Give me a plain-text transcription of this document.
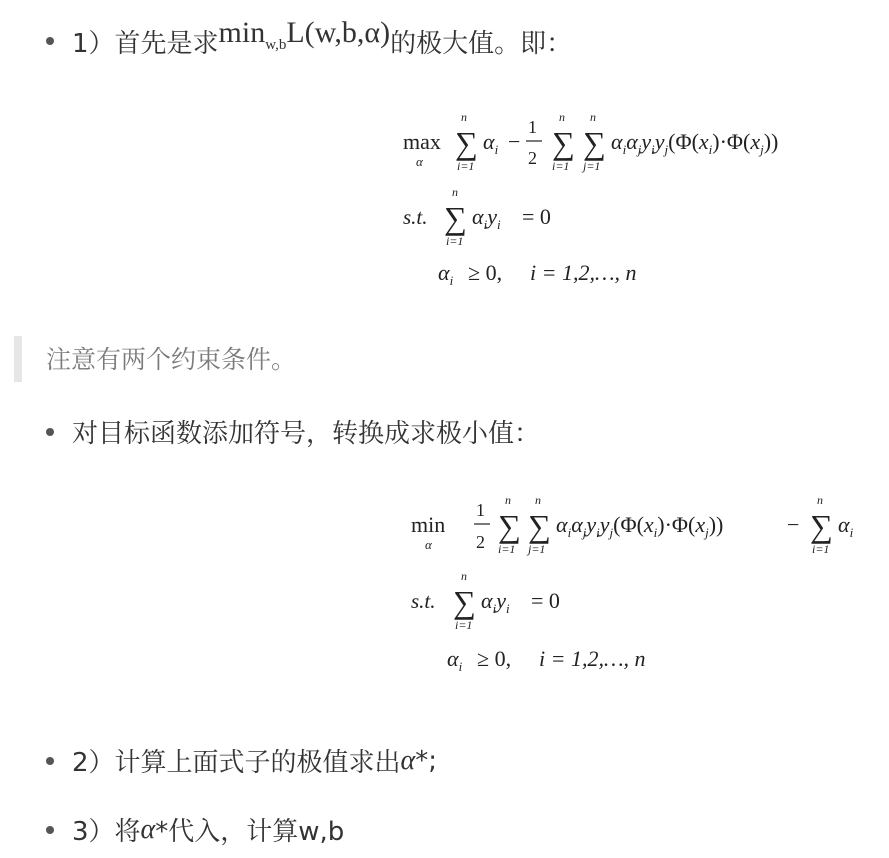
1）首先是求 $\min_{w,b}L(w,b,\alpha)$ 的极大值。即：
max
α
n
∑
i=1
$\alpha_i$ −
1
2
n
∑
i=1
n
∑
j=1
$\alpha_i\alpha_jy_iy_j(\Phi(x_i)\cdot\Phi(x_j))$
s.t.
n
∑
i=1
$\alpha_iy_i = 0$
$\alpha_i \ge 0$, i = 1,2,…, n
注意有两个约束条件。
对目标函数添加符号，转换成求极小值：
min
α
1
2
n
∑
i=1
n
∑
j=1
$\alpha_i\alpha_jy_iy_j(\Phi(x_i)\cdot\Phi(x_j))$	−
n
∑
i=1
$\alpha_i$
s.t.
n
∑
i=1
$\alpha_iy_i = 0$
$\alpha_i \ge 0$, i = 1,2,…, n
2）计算上面式子的极值求出 α *;
3）将 α *代入，计算w,b
